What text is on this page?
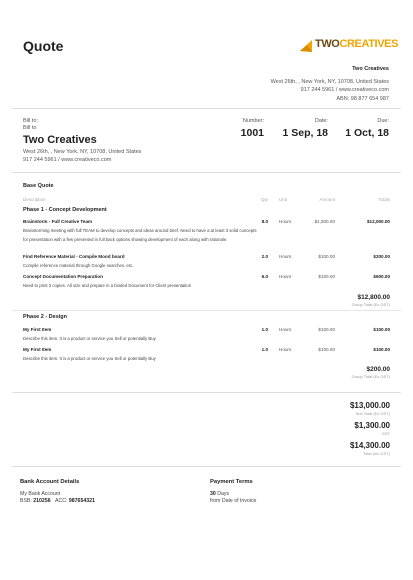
Quote	TWOCREATIVES
Two Creatives
West 26th, , New York, NY, 10708, United States
917 244 5961 / www.creativeco.com
ABN: 98 877 654 987
Bill to:
Bill to
Two Creatives
West 26th, , New York, NY, 10708, United States
917 244 5961 / www.creativeco.com
Number:
1001
Date:
1 Sep, 18
Due:
1 Oct, 18
Base Quote
Description	Qty Unit	Amount	Totals
Phase 1 - Concept Development
Brainstorm - Full Creative Team
Brainstorming meeting with full TEAM to develop concepts and ideas around brief. Need to have a at least 3 solid concepts for presentation with a few presented in full back options showing development of each along with rationale.
8.0 Hours	$1,500.00	$12,000.00
Find Reference Material - Compile Mood board
Compile reference material through Google searches, etc.
2.0 Hours	$100.00	$200.00
Concept Documentation Preparation
Need to print 3 copies. All size and prepare in a binded Document for Client presentation
6.0 Hours	$100.00	$600.00
$12,800.00
Group Total (Ex GST)
Phase 2 - Design
My First Item
Describe this item. It is a product or service you Sell or potentially Buy
1.0 Hours	$100.00	$100.00
My First Item
Describe this item. It is a product or service you Sell or potentially Buy
1.0 Hours	$100.00	$100.00
$200.00
Group Total (Ex GST)
$13,000.00
Sub Total (Ex GST)
$1,300.00
GST
$14,300.00
Total (Inc GST)
Bank Account Details
My Bank Account
BSB: 210256 ACC: 987654321
Payment Terms
30 Days
from Date of Invoice
